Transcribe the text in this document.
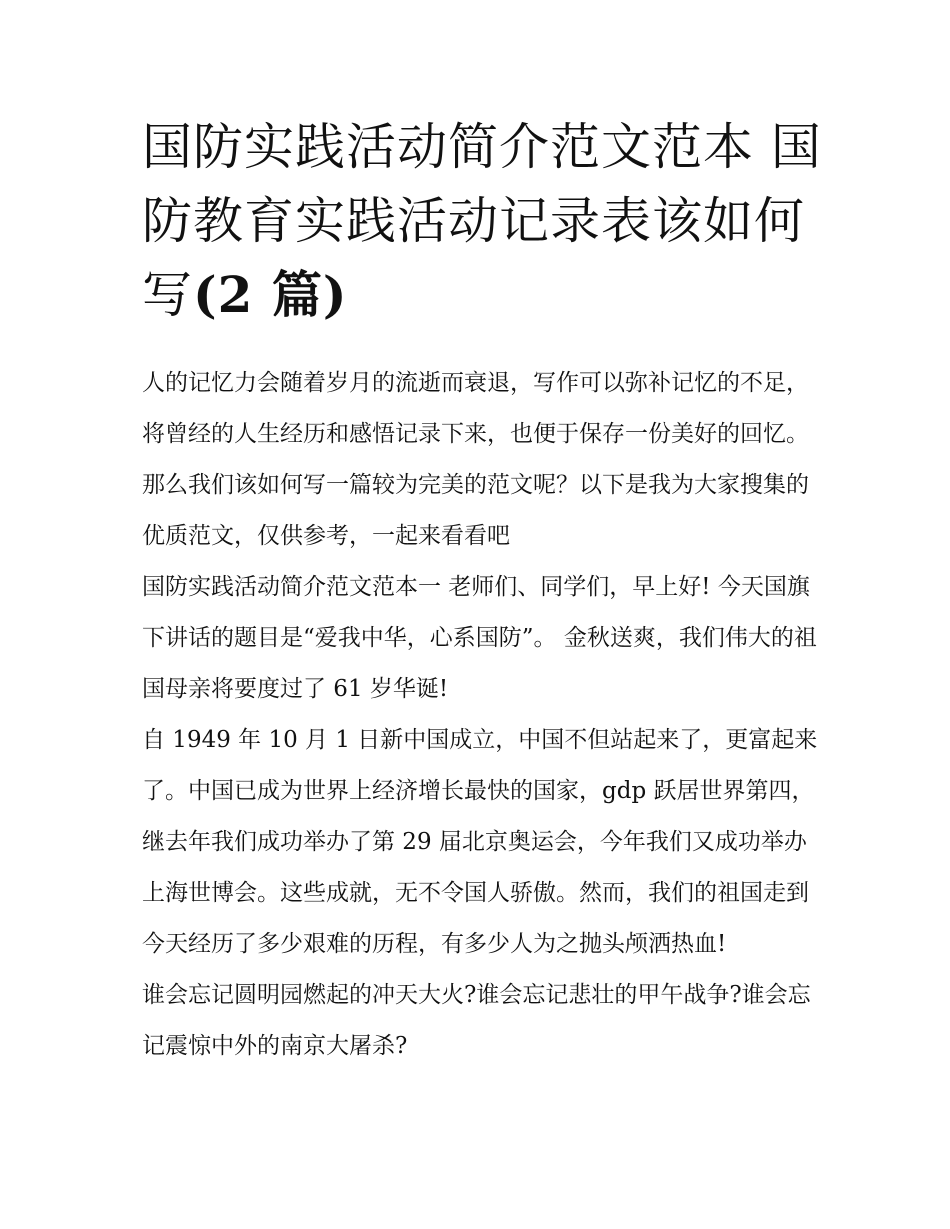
国防实践活动简介范文范本 国防教育实践活动记录表该如何写(2 篇)

人的记忆力会随着岁月的流逝而衰退，写作可以弥补记忆的不足，将曾经的人生经历和感悟记录下来，也便于保存一份美好的回忆。那么我们该如何写一篇较为完美的范文呢？以下是我为大家搜集的优质范文，仅供参考，一起来看看吧

国防实践活动简介范文范本一 老师们、同学们，早上好! 今天国旗下讲话的题目是“爱我中华，心系国防”。 金秋送爽，我们伟大的祖国母亲将要度过了 61 岁华诞!

自 1949 年 10 月 1 日新中国成立，中国不但站起来了，更富起来了。中国已成为世界上经济增长最快的国家，gdp 跃居世界第四，继去年我们成功举办了第 29 届北京奥运会，今年我们又成功举办上海世博会。这些成就，无不令国人骄傲。然而，我们的祖国走到今天经历了多少艰难的历程，有多少人为之抛头颅洒热血!

谁会忘记圆明园燃起的冲天大火?谁会忘记悲壮的甲午战争?谁会忘记震惊中外的南京大屠杀?
